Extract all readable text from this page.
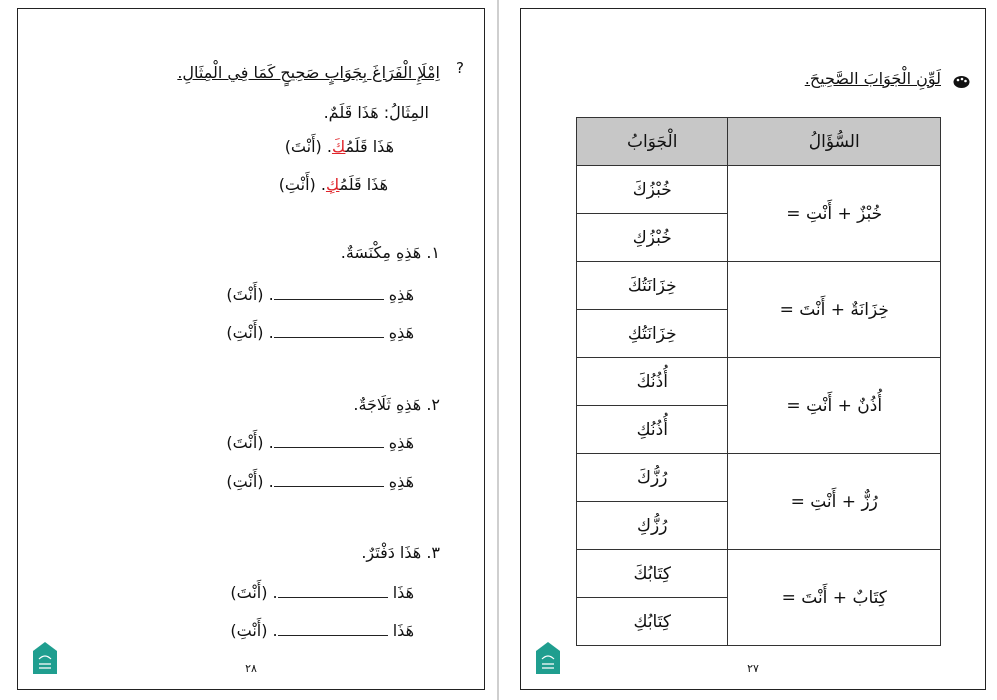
?
اِمْلَإِ الْفَرَاغَ بِجَوَابٍ صَحِيحٍ كَمَا فِي الْمِثَالِ.
المِثَالُ: هَذَا قَلَمٌ.
هَذَا قَلَمُكَ. (أَنْتَ)
هَذَا قَلَمُكِ. (أَنْتِ)
١. هَذِهِ مِكْنَسَةٌ.
هَذِهِ . (أَنْتَ)
هَذِهِ . (أَنْتِ)
٢. هَذِهِ ثَلَاجَةٌ.
هَذِهِ . (أَنْتَ)
هَذِهِ . (أَنْتِ)
٣. هَذَا دَفْتَرٌ.
هَذَا . (أَنْتَ)
هَذَا . (أَنْتِ)
٢٨
لَوِّنِ الْجَوَابَ الصَّحِيحَ.
السُّؤَالُ	الْجَوَابُ
خُبْزٌ + أَنْتِ =	خُبْزُكَ
	خُبْزُكِ
خِزَانَةٌ + أَنْتَ =	خِزَانَتُكَ
	خِزَانَتُكِ
أُذُنٌ + أَنْتِ =	أُذُنُكَ
	أُذُنُكِ
رُزٌّ + أَنْتِ =	رُزُّكَ
	رُزُّكِ
كِتَابٌ + أَنْتَ =	كِتَابُكَ
	كِتَابُكِ
٢٧
